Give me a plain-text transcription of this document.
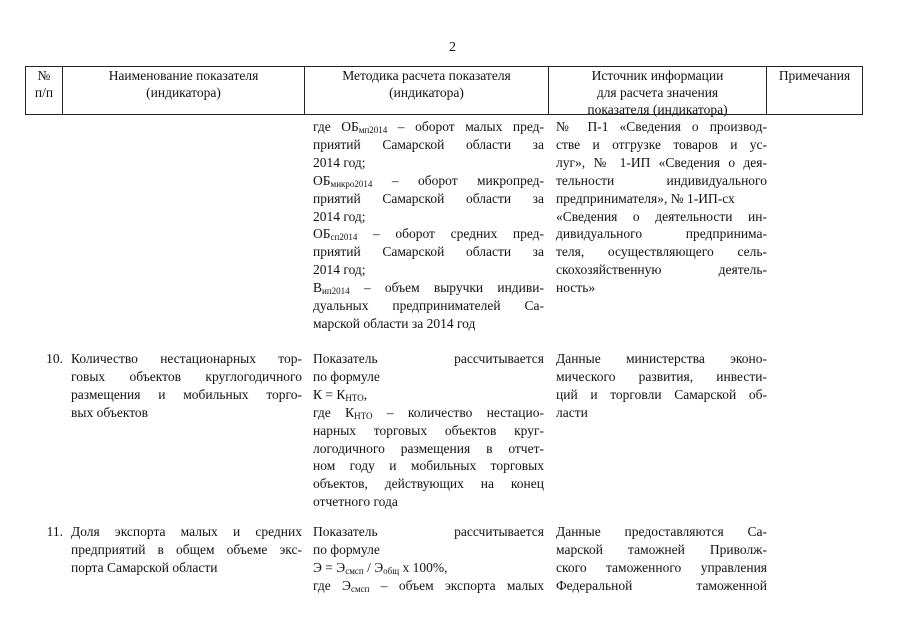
2
№
п/п
Наименование показателя
(индикатора)
Методика расчета показателя
(индикатора)
Источник информации
для расчета значения
показателя (индикатора)
Примечания

где $ОБ_{мп2014}$ – оборот малых пред-

приятий Самарской области за

2014 год;

$ОБ_{микро2014}$ – оборот микропред-

приятий Самарской области за

2014 год;

$ОБ_{сп2014}$ – оборот средних пред-

приятий Самарской области за

2014 год;

$В_{ип2014}$ – объем выручки индиви-

дуальных предпринимателей Са-

марской области за 2014 год

№ П-1 «Сведения о производ-

стве и отгрузке товаров и ус-

луг», № 1-ИП «Сведения о дея-

тельности индивидуального

предпринимателя», № 1-ИП-сх

«Сведения о деятельности ин-

дивидуального предпринима-

теля, осуществляющего сель-

скохозяйственную деятель-

ность»

10. Количество нестационарных тор-

говых объектов круглогодичного

размещения и мобильных торго-

вых объектов

Показатель рассчитывается

по формуле

$К = К_{НТО}$,

где $К_{НТО}$ – количество нестацио-

нарных торговых объектов круг-

логодичного размещения в отчет-

ном году и мобильных торговых

объектов, действующих на конец

отчетного года

Данные министерства эконо-

мического развития, инвести-

ций и торговли Самарской об-

ласти

11. Доля экспорта малых и средних

предприятий в общем объеме экс-

порта Самарской области

Показатель рассчитывается

по формуле

$Э = Э_{смсп} / Э_{общ}$ х 100%,

где $Э_{смсп}$ – объем экспорта малых

Данные предоставляются Са-

марской таможней Приволж-

ского таможенного управления

Федеральной таможенной
